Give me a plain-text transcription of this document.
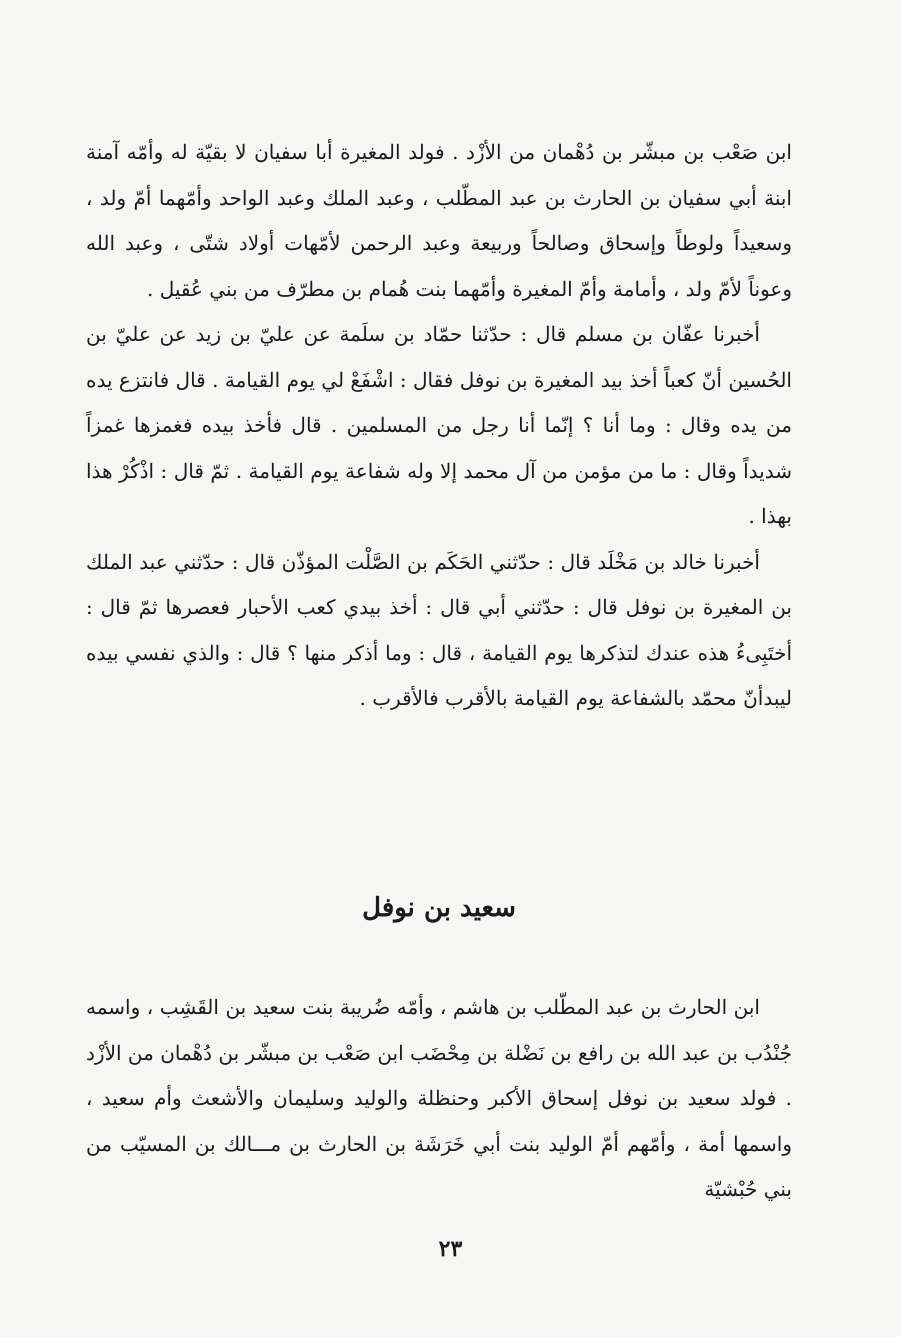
ابن صَعْب بن مبشّر بن دُهْمان من الأزْد . فولد المغيرة أبا سفيان لا بقيّة له وأمّه آمنة ابنة أبي سفيان بن الحارث بن عبد المطّلب ، وعبد الملك وعبد الواحد وأمّهما أمّ ولد ، وسعيداً ولوطاً وإسحاق وصالحاً وربيعة وعبد الرحمن لأمّهات أولاد شتّى ، وعبد الله وعوناً لأمّ ولد ، وأمامة وأمّ المغيرة وأمّهما بنت هُمام بن مطرّف من بني عُقيل .

أخبرنا عفّان بن مسلم قال : حدّثنا حمّاد بن سلَمة عن عليّ بن زيد عن عليّ بن الحُسين أنّ كعباً أخذ بيد المغيرة بن نوفل فقال : اشْفَعْ لي يوم القيامة . قال فانتزع يده من يده وقال : وما أنا ؟ إنّما أنا رجل من المسلمين . قال فأخذ بيده فغمزها غمزاً شديداً وقال : ما من مؤمن من آل محمد إلا وله شفاعة يوم القيامة . ثمّ قال : اذْكُرْ هذا بهذا .

أخبرنا خالد بن مَخْلَد قال : حدّثني الحَكَم بن الصَّلْت المؤذّن قال : حدّثني عبد الملك بن المغيرة بن نوفل قال : حدّثني أبي قال : أخذ بيدي كعب الأحبار فعصرها ثمّ قال : أختَبِىءُ هذه عندك لتذكرها يوم القيامة ، قال : وما أذكر منها ؟ قال : والذي نفسي بيده ليبدأنّ محمّد بالشفاعة يوم القيامة بالأقرب فالأقرب .

سعيد بن نوفل

ابن الحارث بن عبد المطّلب بن هاشم ، وأمّه ضُريبة بنت سعيد بن القَشِب ، واسمه جُنْدُب بن عبد الله بن رافع بن نَضْلة بن مِحْضَب ابن صَعْب بن مبشّر بن دُهْمان من الأزْد . فولد سعيد بن نوفل إسحاق الأكبر وحنظلة والوليد وسليمان والأشعث وأم سعيد ، واسمها أمة ، وأمّهم أمّ الوليد بنت أبي خَرَشَة بن الحارث بن مـــالك بن المسيّب من بني حُبْشيّة

٢٣
